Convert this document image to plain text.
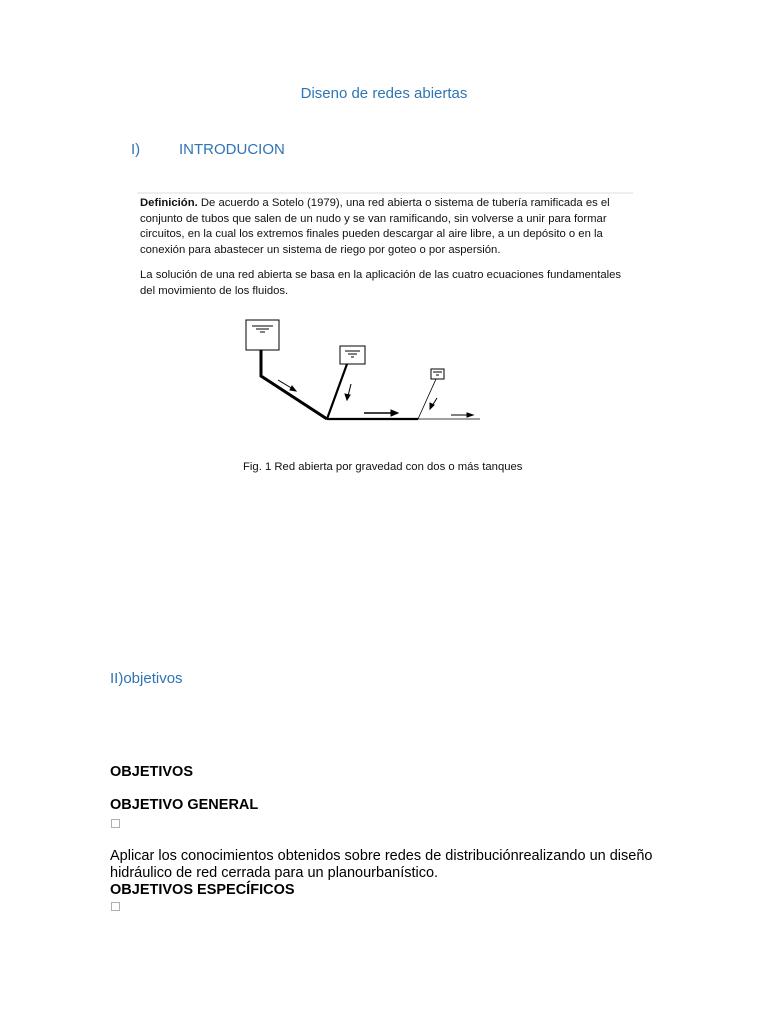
Diseno de redes abiertas
I)	INTRODUCION
Definición. De acuerdo a Sotelo (1979), una red abierta o sistema de tubería ramificada es el conjunto de tubos que salen de un nudo y se van ramificando, sin volverse a unir para formar circuitos, en la cual los extremos finales pueden descargar al aire libre, a un depósito o en la conexión para abastecer un sistema de riego por goteo o por aspersión.
La solución de una red abierta se basa en la aplicación de las cuatro ecuaciones fundamentales del movimiento de los fluidos.
Fig. 1 Red abierta por gravedad con dos o más tanques
II)objetivos
OBJETIVOS
OBJETIVO GENERAL
Aplicar los conocimientos obtenidos sobre redes de distribuciónrealizando un diseño hidráulico de red cerrada para un planourbanístico.
OBJETIVOS ESPECÍFICOS
